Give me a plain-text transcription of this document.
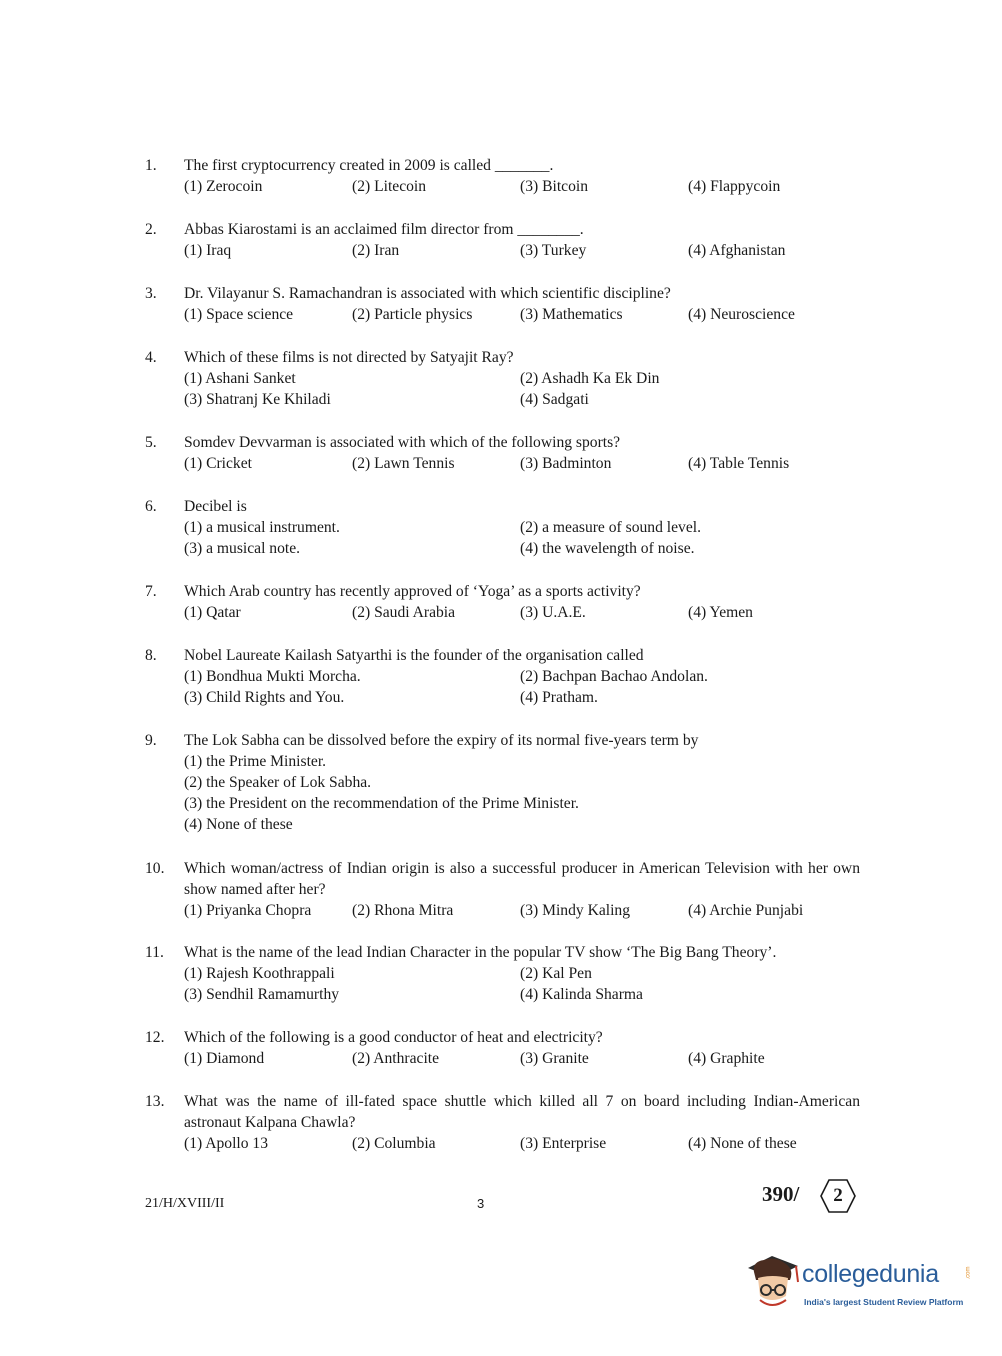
1.	The first cryptocurrency created in 2009 is called _______.
(1) Zerocoin	(2) Litecoin	(3) Bitcoin	(4) Flappycoin
2.	Abbas Kiarostami is an acclaimed film director from ________.
(1) Iraq	(2) Iran	(3) Turkey	(4) Afghanistan
3.	Dr. Vilayanur S. Ramachandran is associated with which scientific discipline?
(1) Space science	(2) Particle physics	(3) Mathematics	(4) Neuroscience
4.	Which of these films is not directed by Satyajit Ray?
(1) Ashani Sanket	(2) Ashadh Ka Ek Din
(3) Shatranj Ke Khiladi	(4) Sadgati
5.	Somdev Devvarman is associated with which of the following sports?
(1) Cricket	(2) Lawn Tennis	(3) Badminton	(4) Table Tennis
6.	Decibel is
(1) a musical instrument.	(2) a measure of sound level.
(3) a musical note.	(4) the wavelength of noise.
7.	Which Arab country has recently approved of ‘Yoga’ as a sports activity?
(1) Qatar	(2) Saudi Arabia	(3) U.A.E.	(4) Yemen
8.	Nobel Laureate Kailash Satyarthi is the founder of the organisation called
(1) Bondhua Mukti Morcha.	(2) Bachpan Bachao Andolan.
(3) Child Rights and You.	(4) Pratham.
9.	The Lok Sabha can be dissolved before the expiry of its normal five-years term by
(1) the Prime Minister.
(2) the Speaker of Lok Sabha.
(3) the President on the recommendation of the Prime Minister.
(4) None of these
10.	Which woman/actress of Indian origin is also a successful producer in American Television with her own show named after her?
(1) Priyanka Chopra	(2) Rhona Mitra	(3) Mindy Kaling	(4) Archie Punjabi
11.	What is the name of the lead Indian Character in the popular TV show ‘The Big Bang Theory’.
(1) Rajesh Koothrappali	(2) Kal Pen
(3) Sendhil Ramamurthy	(4) Kalinda Sharma
12.	Which of the following is a good conductor of heat and electricity?
(1) Diamond	(2) Anthracite	(3) Granite	(4) Graphite
13.	What was the name of ill-fated space shuttle which killed all 7 on board including Indian-American astronaut Kalpana Chawla?
(1) Apollo 13	(2) Columbia	(3) Enterprise	(4) None of these
21/H/XVIII/II	3	390/	2
collegedunia	.com
India's largest Student Review Platform
